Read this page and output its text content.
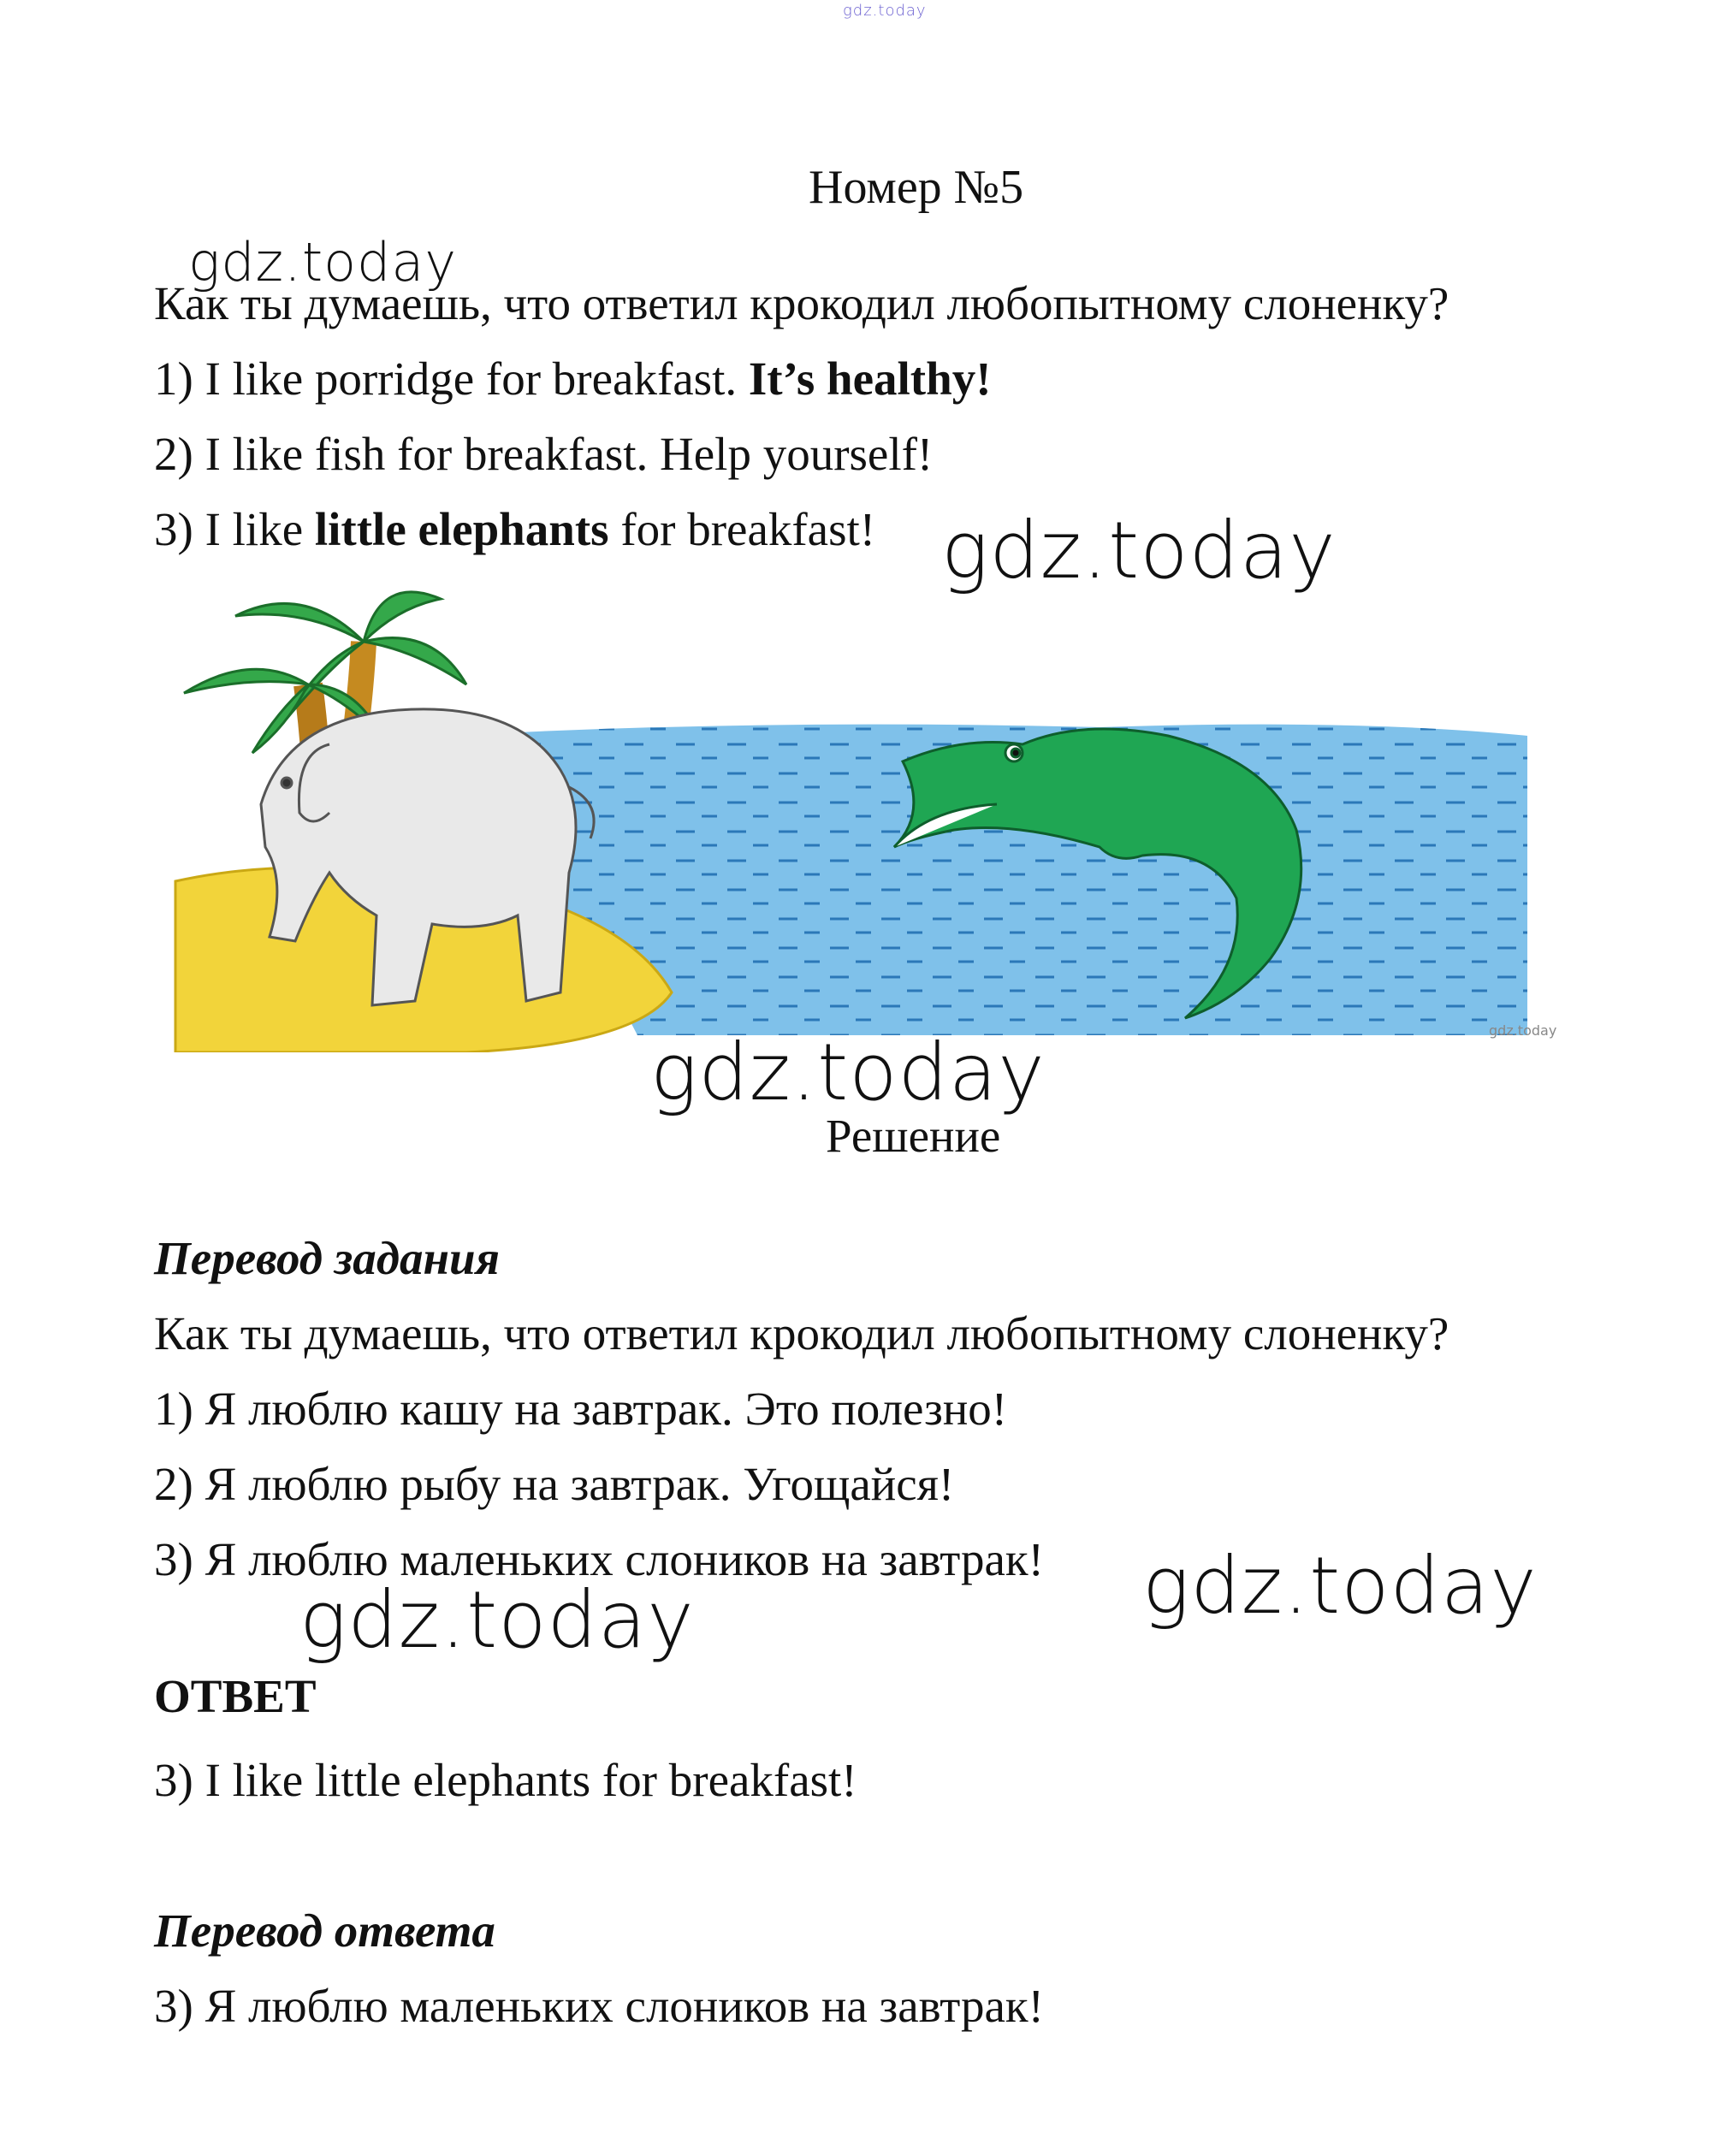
gdz.today
Номер №5
gdz.today
Как ты думаешь, что ответил крокодил любопытному слоненку?
1) I like porridge for breakfast. It’s healthy!
2) I like fish for breakfast. Help yourself!
3) I like little elephants for breakfast! gdz.today
gdz.today
gdz.today
Решение
Перевод задания
Как ты думаешь, что ответил крокодил любопытному слоненку?
1) Я люблю кашу на завтрак. Это полезно!
2) Я люблю рыбу на завтрак. Угощайся!
3) Я люблю маленьких слоников на завтрак! gdz.today
gdz.today
ОТВЕТ
3) I like little elephants for breakfast!
Перевод ответа
3) Я люблю маленьких слоников на завтрак!
